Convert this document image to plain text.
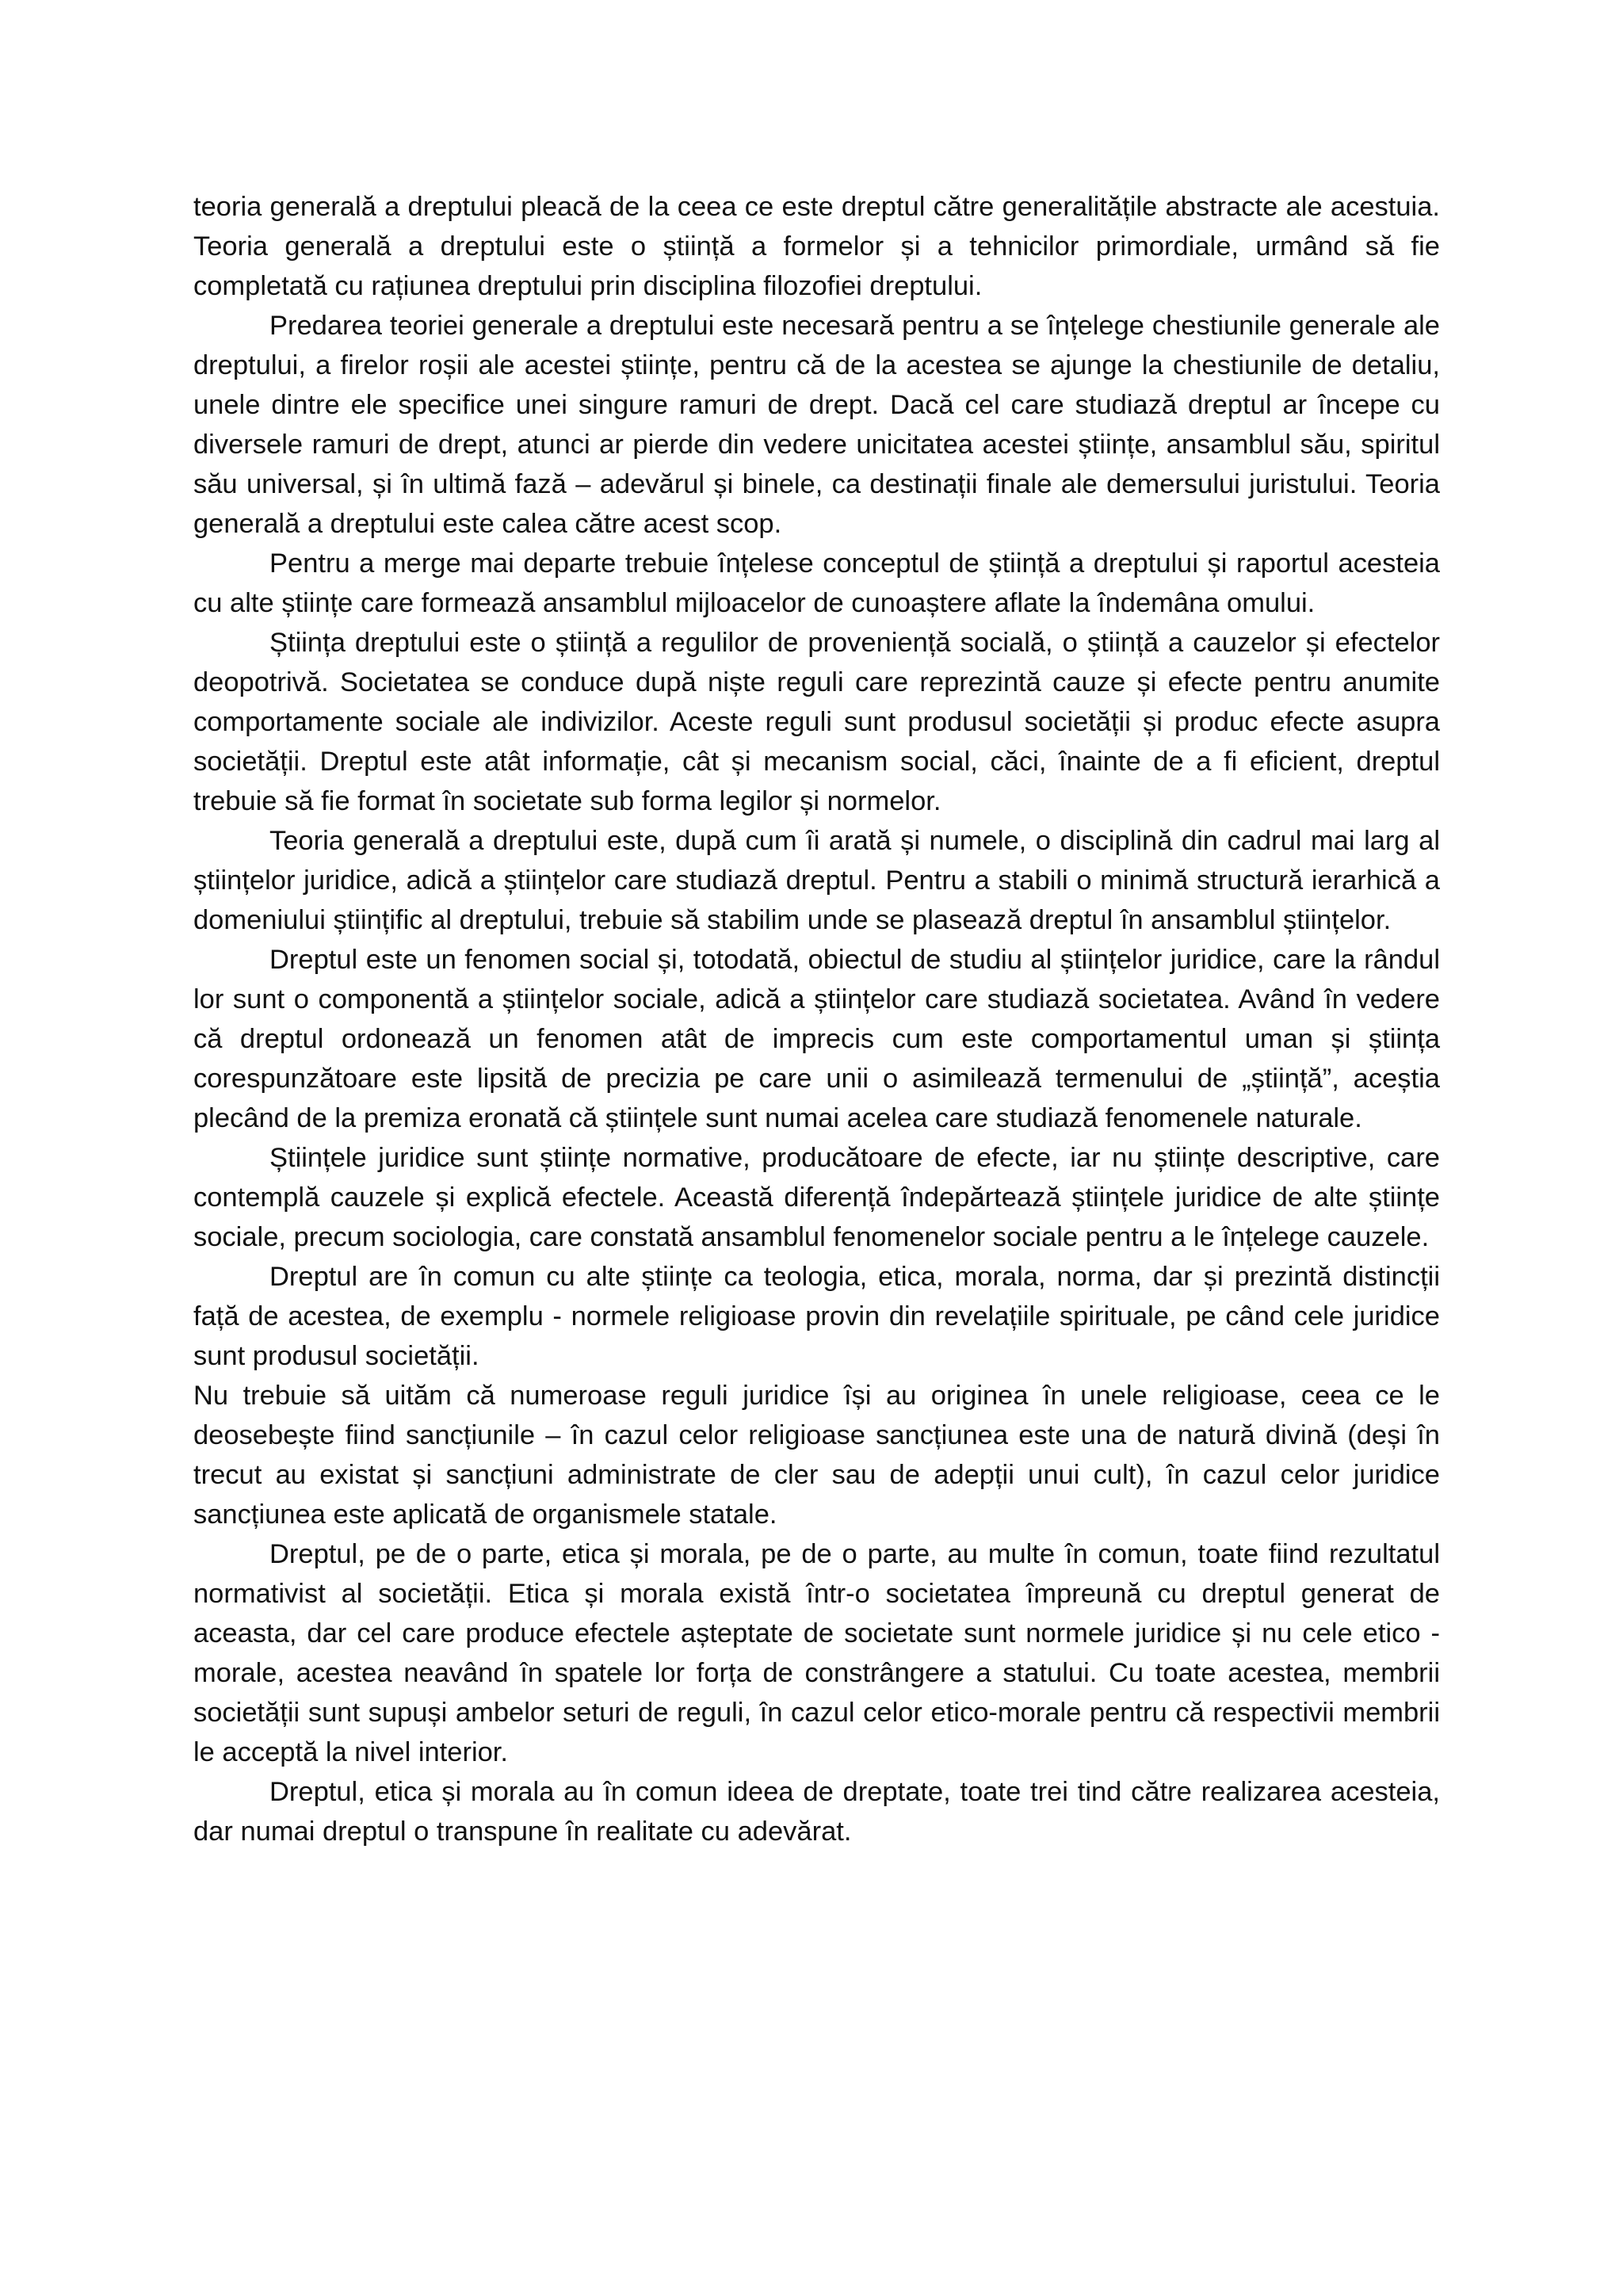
teoria generală a dreptului pleacă de la ceea ce este dreptul către generalitățile abstracte ale acestuia. Teoria generală a dreptului este o știință a formelor și a tehnicilor primordiale, urmând să fie completată cu rațiunea dreptului prin disciplina filozofiei dreptului.

Predarea teoriei generale a dreptului este necesară pentru a se înțelege chestiunile generale ale dreptului, a firelor roșii ale acestei științe, pentru că de la acestea se ajunge la chestiunile de detaliu, unele dintre ele specifice unei singure ramuri de drept. Dacă cel care studiază dreptul ar începe cu diversele ramuri de drept, atunci ar pierde din vedere unicitatea acestei științe, ansamblul său, spiritul său universal, și în ultimă fază – adevărul și binele, ca destinații finale ale demersului juristului. Teoria generală a dreptului este calea către acest scop.

Pentru a merge mai departe trebuie înțelese conceptul de știință a dreptului și raportul acesteia cu alte științe care formează ansamblul mijloacelor de cunoaștere aflate la îndemâna omului.

Știința dreptului este o știință a regulilor de proveniență socială, o știință a cauzelor și efectelor deopotrivă. Societatea se conduce după niște reguli care reprezintă cauze și efecte pentru anumite comportamente sociale ale indivizilor. Aceste reguli sunt produsul societății și produc efecte asupra societății. Dreptul este atât informație, cât și mecanism social, căci, înainte de a fi eficient, dreptul trebuie să fie format în societate sub forma legilor și normelor.

Teoria generală a dreptului este, după cum îi arată și numele, o disciplină din cadrul mai larg al științelor juridice, adică a științelor care studiază dreptul. Pentru a stabili o minimă structură ierarhică a domeniului științific al dreptului, trebuie să stabilim unde se plasează dreptul în ansamblul științelor.

Dreptul este un fenomen social și, totodată, obiectul de studiu al științelor juridice, care la rândul lor sunt o componentă a științelor sociale, adică a științelor care studiază societatea. Având în vedere că dreptul ordonează un fenomen atât de imprecis cum este comportamentul uman și știința corespunzătoare este lipsită de precizia pe care unii o asimilează termenului de „știință”, aceștia plecând de la premiza eronată că științele sunt numai acelea care studiază fenomenele naturale.

Științele juridice sunt științe normative, producătoare de efecte, iar nu științe descriptive, care contemplă cauzele și explică efectele. Această diferență îndepărtează științele juridice de alte științe sociale, precum sociologia, care constată ansamblul fenomenelor sociale pentru a le înțelege cauzele.

Dreptul are în comun cu alte științe ca teologia, etica, morala, norma, dar și prezintă distincții față de acestea, de exemplu - normele religioase provin din revelațiile spirituale, pe când cele juridice sunt produsul societății.

Nu trebuie să uităm că numeroase reguli juridice își au originea în unele religioase, ceea ce le deosebește fiind sancțiunile – în cazul celor religioase sancțiunea este una de natură divină (deși în trecut au existat și sancțiuni administrate de cler sau de adepții unui cult), în cazul celor juridice sancțiunea este aplicată de organismele statale.

Dreptul, pe de o parte, etica și morala, pe de o parte, au multe în comun, toate fiind rezultatul normativist al societății. Etica și morala există într-o societatea împreună cu dreptul generat de aceasta, dar cel care produce efectele așteptate de societate sunt normele juridice și nu cele etico - morale, acestea neavând în spatele lor forța de constrângere a statului. Cu toate acestea, membrii societății sunt supuși ambelor seturi de reguli, în cazul celor etico-morale pentru că respectivii membrii le acceptă la nivel interior.

Dreptul, etica și morala au în comun ideea de dreptate, toate trei tind către realizarea acesteia, dar numai dreptul o transpune în realitate cu adevărat.
